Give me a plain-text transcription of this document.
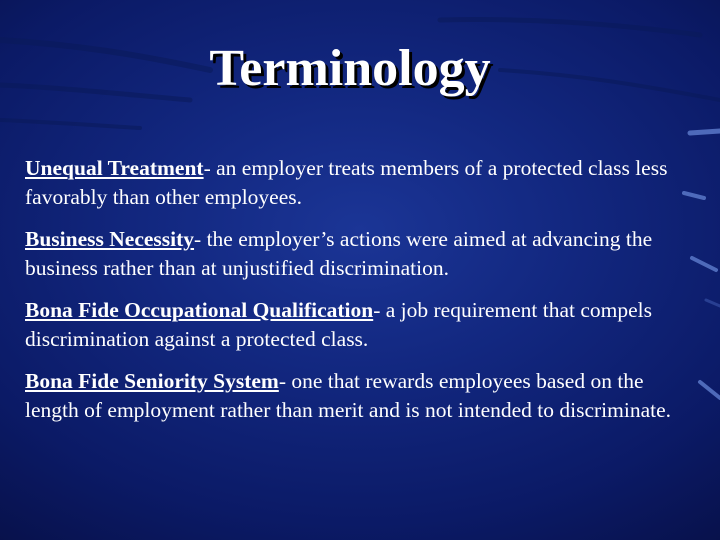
Terminology

Unequal Treatment- an employer treats members of a protected class less favorably than other employees.

Business Necessity- the employer’s actions were aimed at advancing the business rather than at unjustified discrimination.

Bona Fide Occupational Qualification- a job requirement that compels discrimination against a protected class.

Bona Fide Seniority System- one that rewards employees based on the length of employment rather than merit and is not intended to discriminate.
